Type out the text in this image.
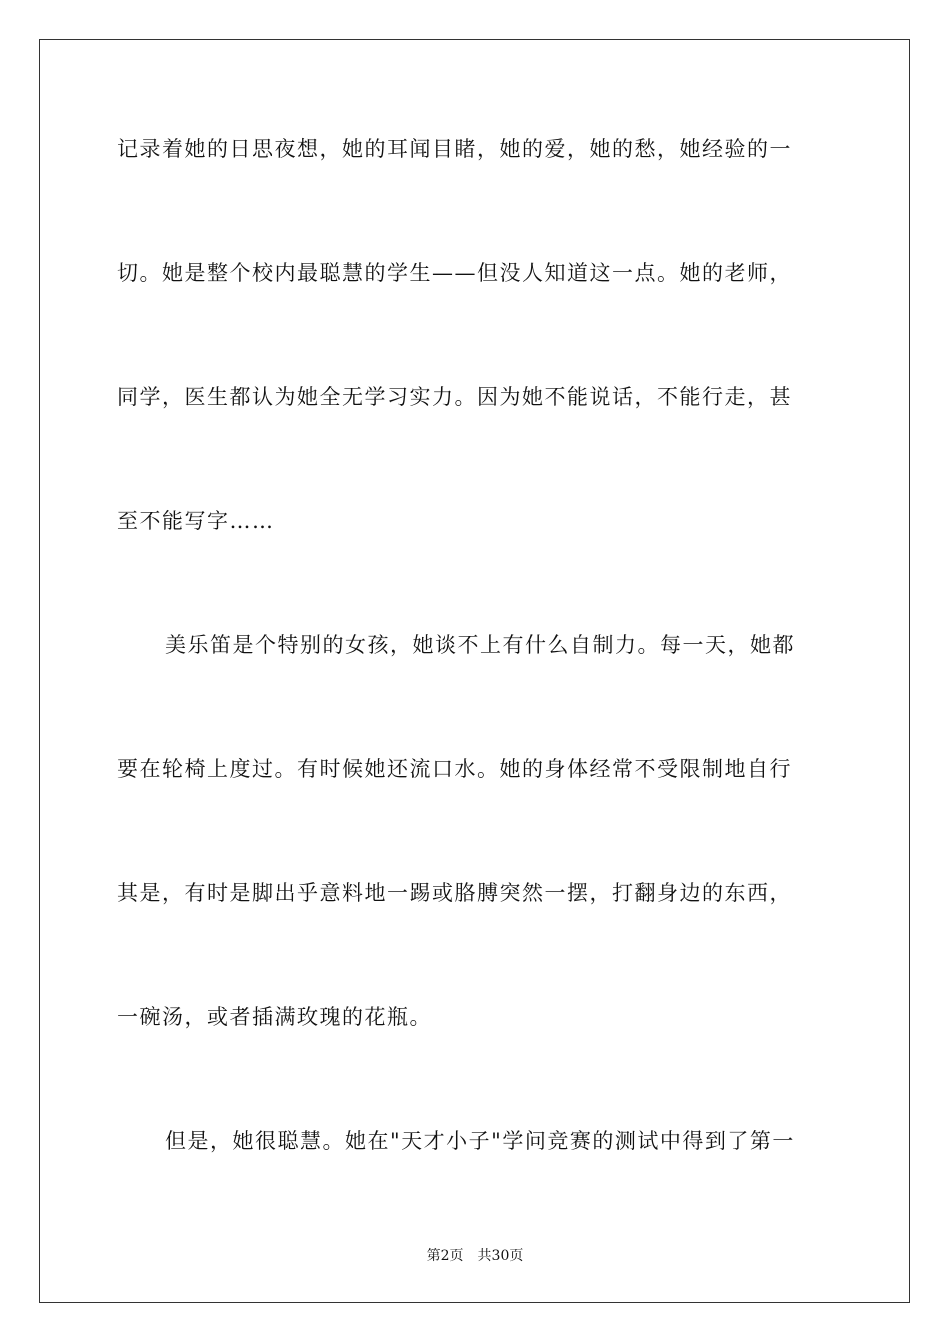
记录着她的日思夜想，她的耳闻目睹，她的爱，她的愁，她经验的一
切。她是整个校内最聪慧的学生——但没人知道这一点。她的老师，
同学，医生都认为她全无学习实力。因为她不能说话，不能行走，甚
至不能写字……
美乐笛是个特别的女孩，她谈不上有什么自制力。每一天，她都
要在轮椅上度过。有时候她还流口水。她的身体经常不受限制地自行
其是，有时是脚出乎意料地一踢或胳膊突然一摆，打翻身边的东西，
一碗汤，或者插满玫瑰的花瓶。
但是，她很聪慧。她在"天才小子"学问竞赛的测试中得到了第一
第2页 共30页
